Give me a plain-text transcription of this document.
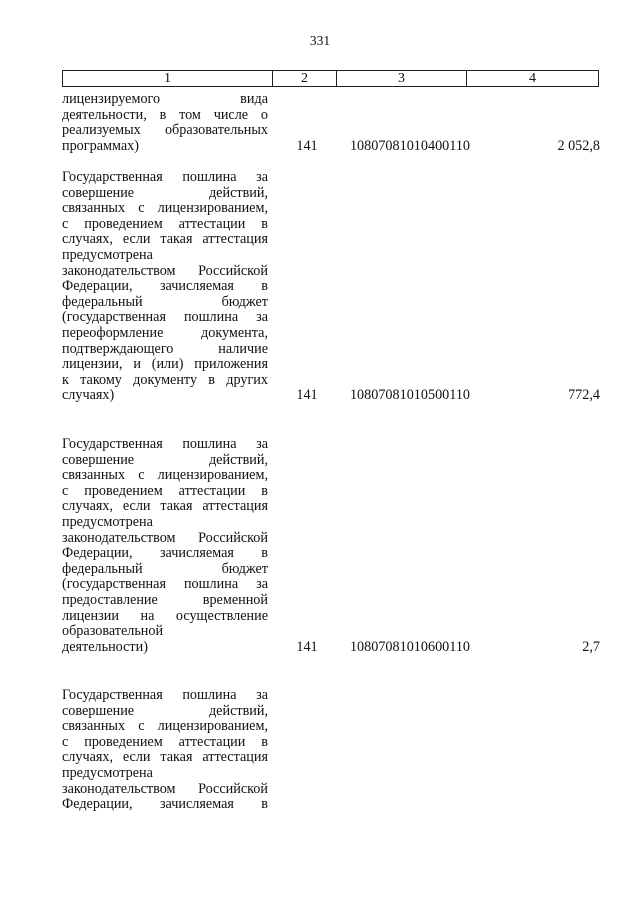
331
1	2	3	4
лицензируемого вида
деятельности, в том числе о
реализуемых образовательных
программах)	141	10807081010400110	2 052,8
Государственная пошлина за
совершение действий,
связанных с лицензированием,
с проведением аттестации в
случаях, если такая аттестация
предусмотрена
законодательством Российской
Федерации, зачисляемая в
федеральный бюджет
(государственная пошлина за
переоформление документа,
подтверждающего наличие
лицензии, и (или) приложения
к такому документу в других
случаях)	141	10807081010500110	772,4
Государственная пошлина за
совершение действий,
связанных с лицензированием,
с проведением аттестации в
случаях, если такая аттестация
предусмотрена
законодательством Российской
Федерации, зачисляемая в
федеральный бюджет
(государственная пошлина за
предоставление временной
лицензии на осуществление
образовательной
деятельности)	141	10807081010600110	2,7
Государственная пошлина за
совершение действий,
связанных с лицензированием,
с проведением аттестации в
случаях, если такая аттестация
предусмотрена
законодательством Российской
Федерации, зачисляемая в
